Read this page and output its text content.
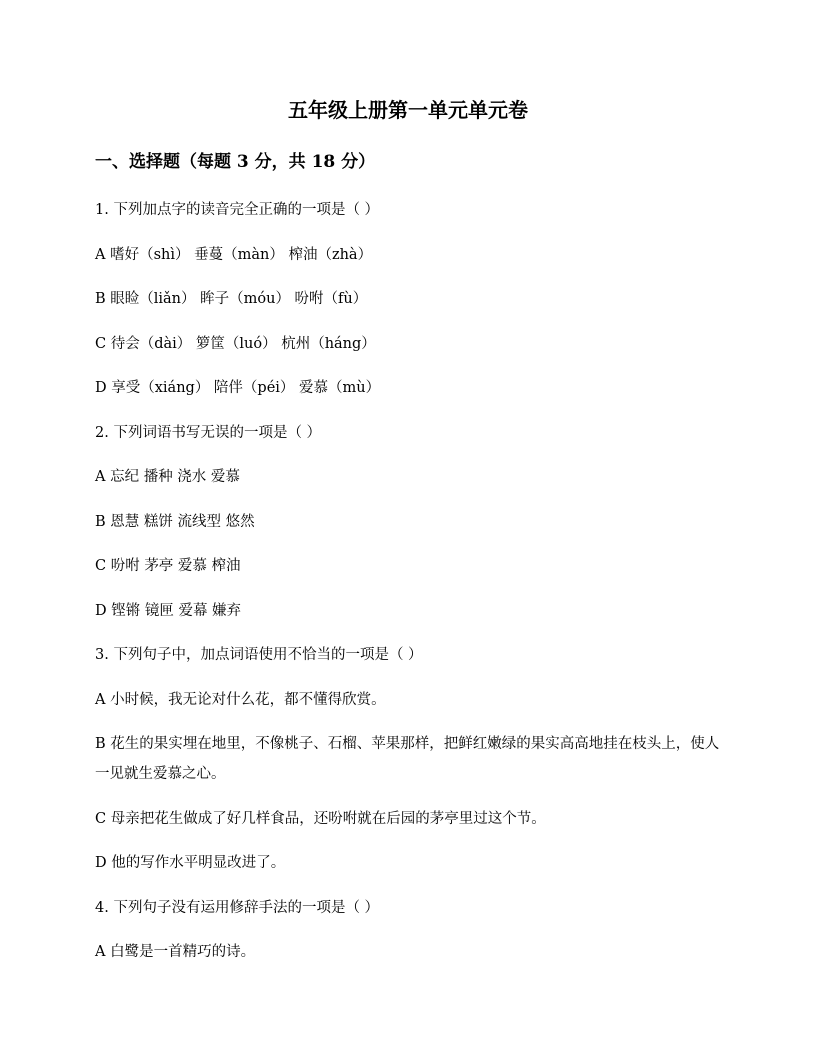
五年级上册第一单元单元卷
一、选择题（每题 3 分，共 18 分）

1. 下列加点字的读音完全正确的一项是（ ）

A 嗜好（shì） 垂蔓（màn） 榨油（zhà）

B 眼睑（liǎn） 眸子（móu） 吩咐（fù）

C 待会（dài） 箩筐（luó） 杭州（háng）

D 享受（xiáng） 陪伴（péi） 爱慕（mù）

2. 下列词语书写无误的一项是（ ）

A 忘纪 播种 浇水 爱慕

B 恩慧 糕饼 流线型 悠然

C 吩咐 茅亭 爱慕 榨油

D 铿锵 镜匣 爱幕 嫌弃

3. 下列句子中，加点词语使用不恰当的一项是（ ）

A 小时候，我无论对什么花，都不懂得欣赏。

B 花生的果实埋在地里，不像桃子、石榴、苹果那样，把鲜红嫩绿的果实高高地挂在枝头上，使人一见就生爱慕之心。

C 母亲把花生做成了好几样食品，还吩咐就在后园的茅亭里过这个节。

D 他的写作水平明显改进了。

4. 下列句子没有运用修辞手法的一项是（ ）

A 白鹭是一首精巧的诗。
